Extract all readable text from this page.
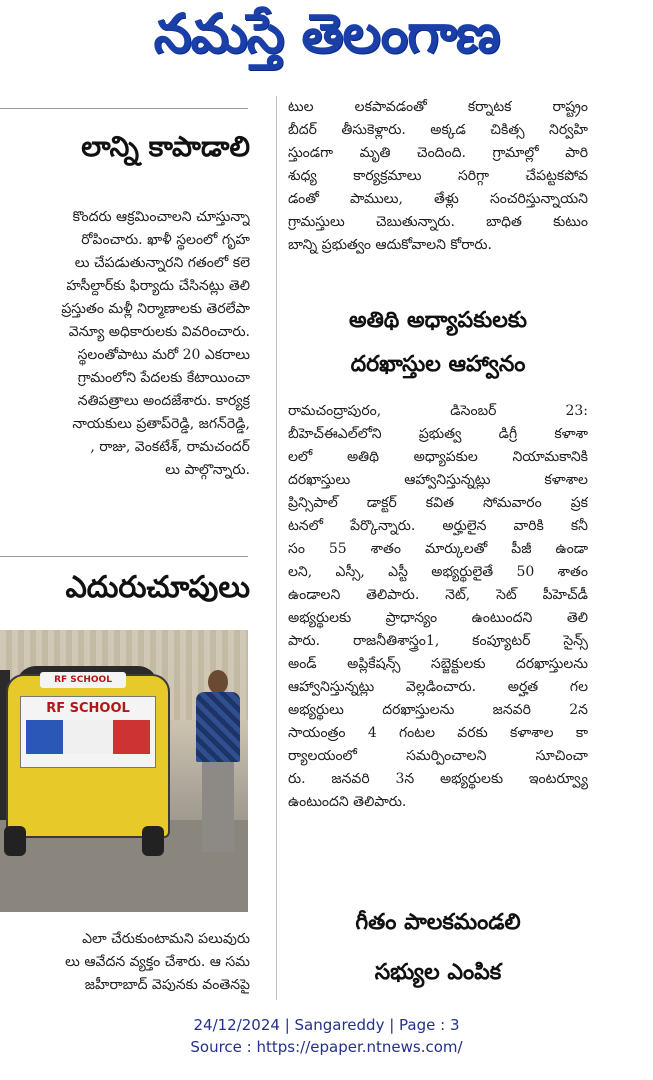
నమస్తే తెలంగాణ
లాన్ని కాపాడాలి
కొందరు ఆక్రమించాలని చూస్తున్నా
రోపించారు. ఖాళీ స్థలంలో గృహ
లు చేపడుతున్నారని గతంలో కలె
హసీల్దార్‌కు ఫిర్యాదు చేసినట్లు తెలి
ప్రస్తుతం మళ్లీ నిర్మాణాలకు తెరలేపా
వెన్యూ అధికారులకు వివరించారు.
స్థలంతోపాటు మరో 20 ఎకరాలు
గ్రామంలోని పేదలకు కేటాయించా
నతిపత్రాలు అందజేశారు. కార్యక్ర
నాయకులు ప్రతాప్‌రెడ్డి, జగన్‌రెడ్డి,
, రాజు, వెంకటేశ్, రామచందర్
లు పాల్గొన్నారు.
ఎదురుచూపులు
RF SCHOOL
RF SCHOOL
ఎలా చేరుకుంటామని పలువురు
లు ఆవేదన వ్యక్తం చేశారు. ఆ సమ
జహీరాబాద్ వెపునకు వంతెనపై
టుల లకపావడంతో కర్నాటక రాష్ట్రం
బీదర్ తీసుకెళ్లారు. అక్కడ చికిత్స నిర్వహి
స్తుండగా మృతి చెందింది. గ్రామాల్లో పారి
శుధ్య కార్యక్రమాలు సరిగ్గా చేపట్టకపోవ
డంతో పాములు, తేళ్లు సంచరిస్తున్నాయని
గ్రామస్తులు చెబుతున్నారు. బాధిత కుటుం
బాన్ని ప్రభుత్వం ఆదుకోవాలని కోరారు.
అతిథి అధ్యాపకులకు
దరఖాస్తుల ఆహ్వానం
రామచంద్రాపురం, డిసెంబర్ 23:
బీహెచ్‌ఈఎల్‌లోని ప్రభుత్వ డిగ్రీ కళాశా
లలో అతిథి అధ్యాపకుల నియామకానికి
దరఖాస్తులు ఆహ్వానిస్తున్నట్లు కళాశాల
ప్రిన్సిపాల్ డాక్టర్ కవిత సోమవారం ప్రక
టనలో పేర్కొన్నారు. అర్హులైన వారికి కనీ
సం 55 శాతం మార్కులతో పీజీ ఉండా
లని, ఎస్సీ, ఎస్టీ అభ్యర్థులైతే 50 శాతం
ఉండాలని తెలిపారు. నెట్, సెట్ పీహెచ్‌డీ
అభ్యర్థులకు ప్రాధాన్యం ఉంటుందని తెలి
పారు. రాజనీతిశాస్త్రం1, కంప్యూటర్ సైన్స్
అండ్ అప్లికేషన్స్ సబ్జెక్టులకు దరఖాస్తులను
ఆహ్వానిస్తున్నట్లు వెల్లడించారు. అర్హత గల
అభ్యర్థులు దరఖాస్తులను జనవరి 2న
సాయంత్రం 4 గంటల వరకు కళాశాల కా
ర్యాలయంలో సమర్పించాలని సూచించా
రు. జనవరి 3న అభ్యర్థులకు ఇంటర్వ్యూ
ఉంటుందని తెలిపారు.
గీతం పాలకమండలి
సభ్యుల ఎంపిక
24/12/2024 | Sangareddy | Page : 3
Source : https://epaper.ntnews.com/
